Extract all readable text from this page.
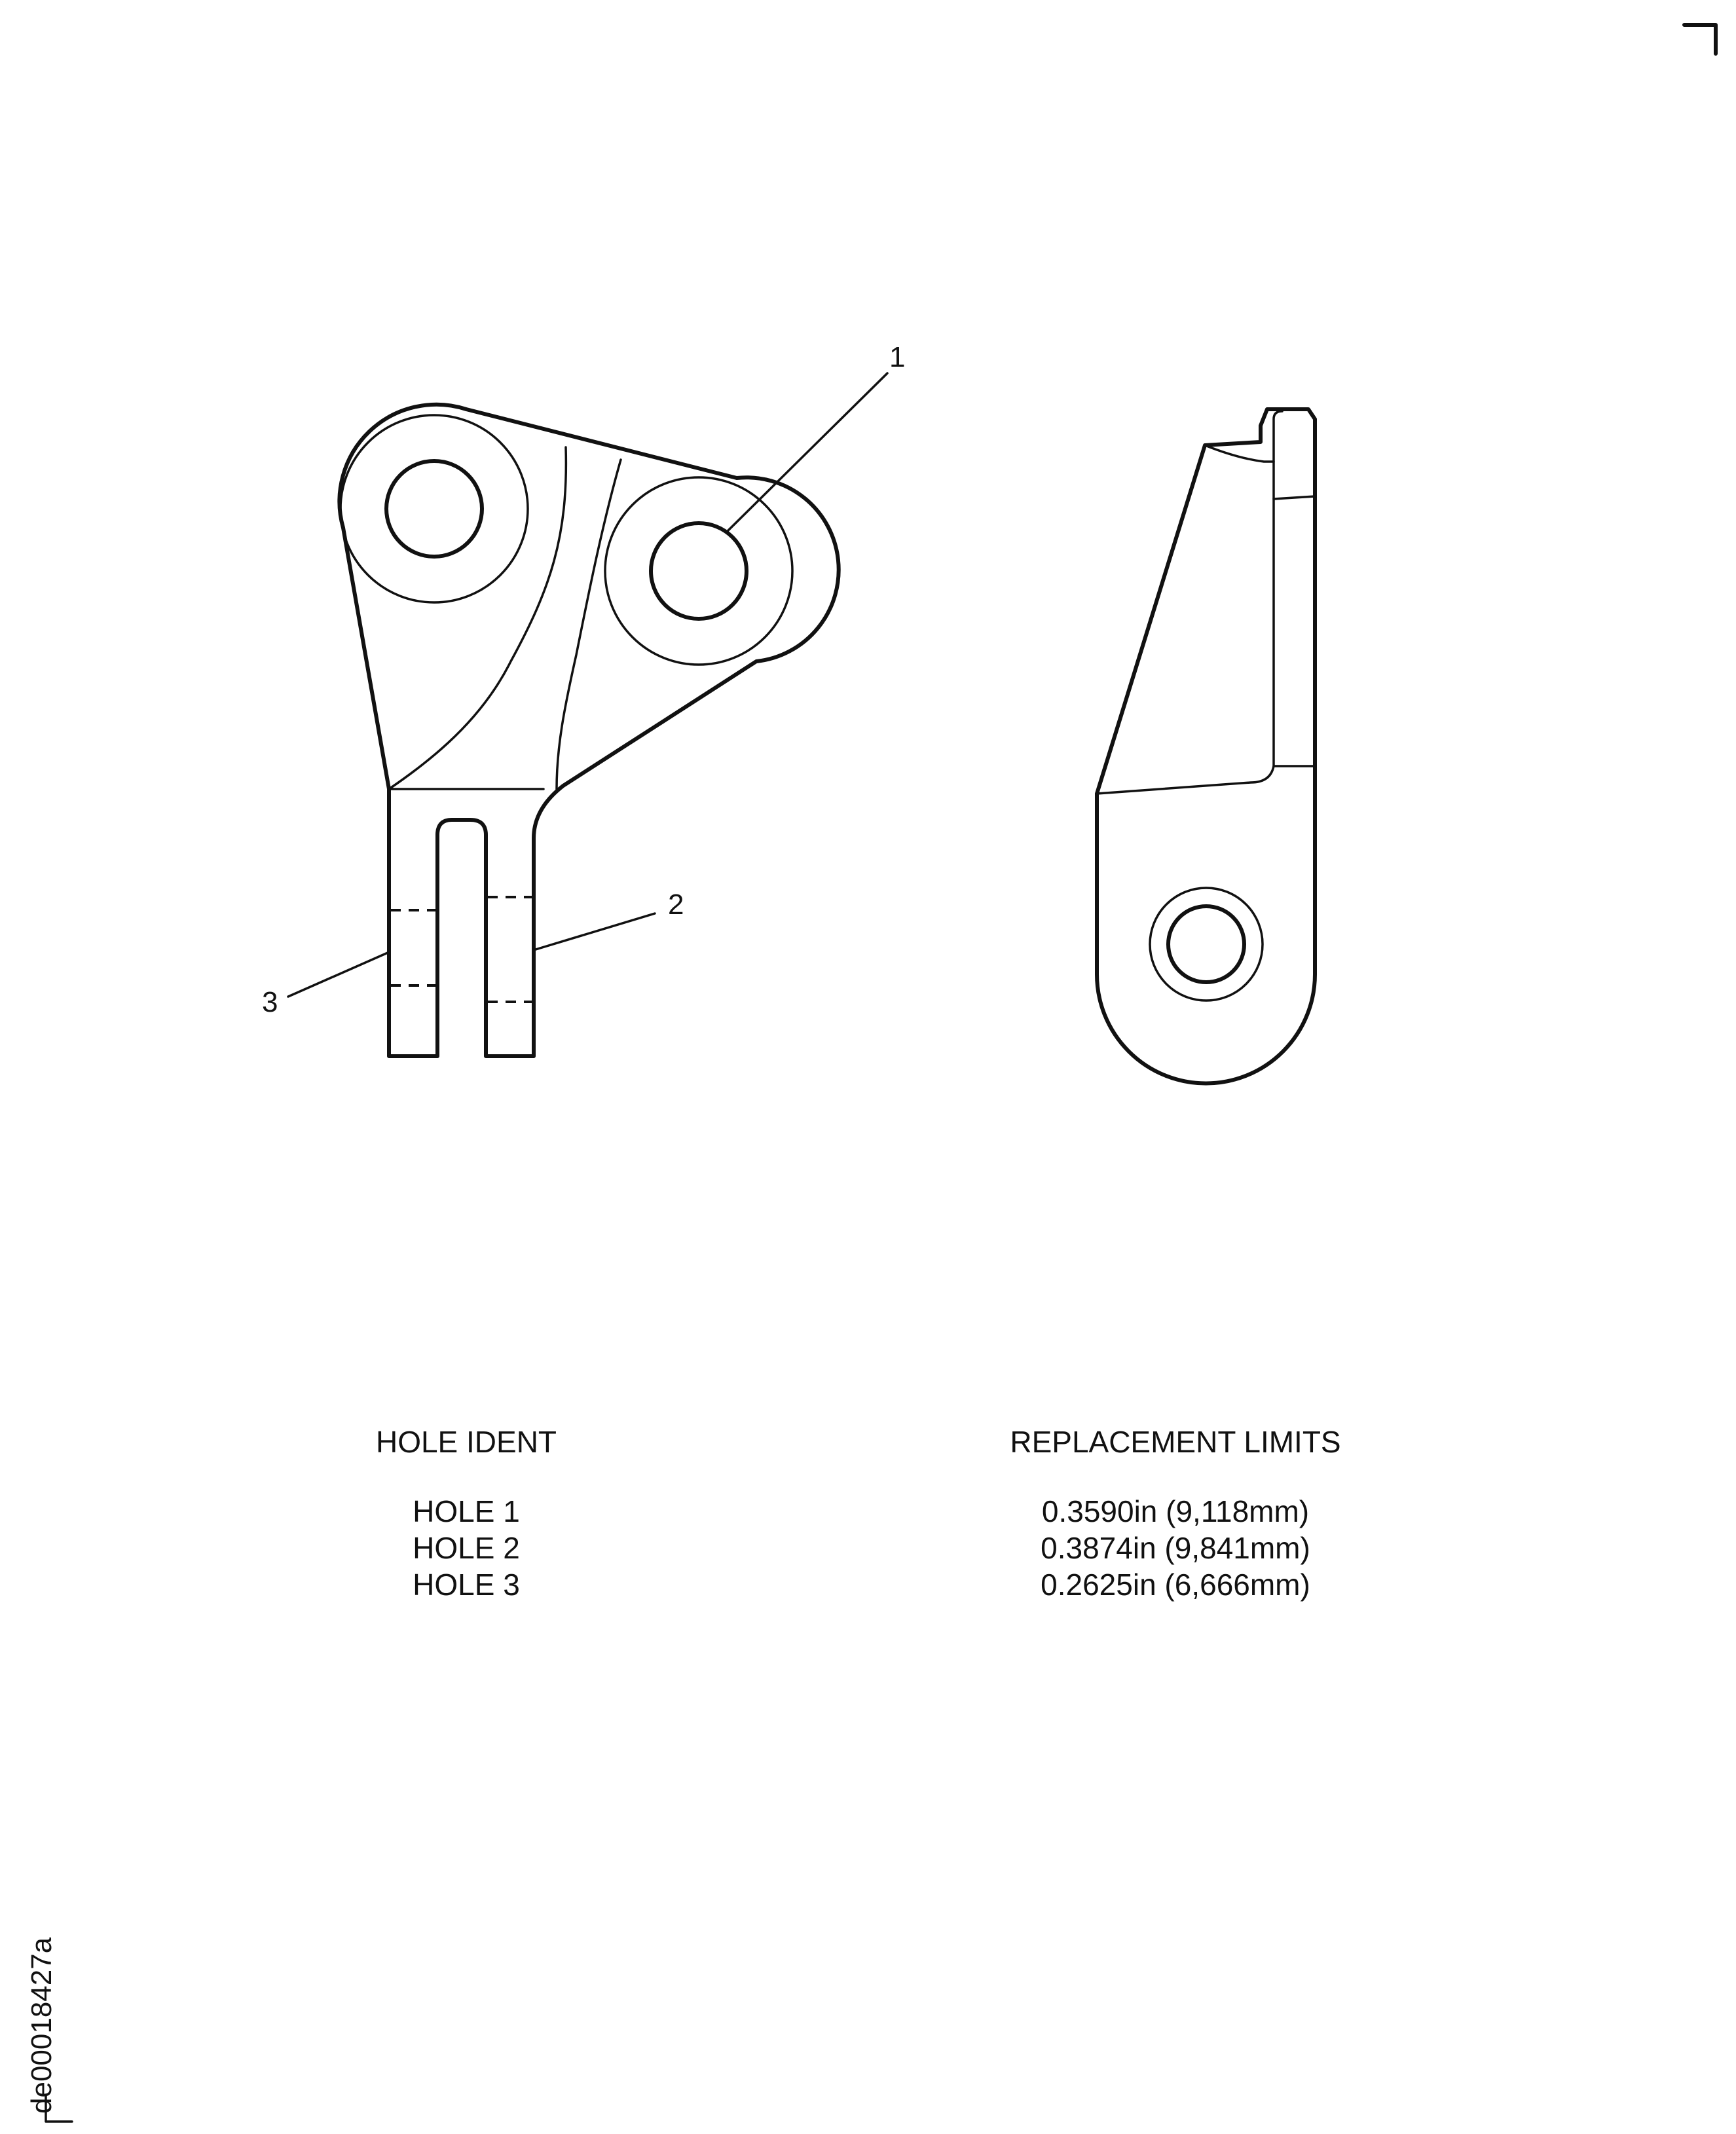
1
2
3
HOLE IDENT	REPLACEMENT LIMITS
HOLE 1	0.3590in (9,118mm)
HOLE 2	0.3874in (9,841mm)
HOLE 3	0.2625in (6,666mm)
de00018427a
